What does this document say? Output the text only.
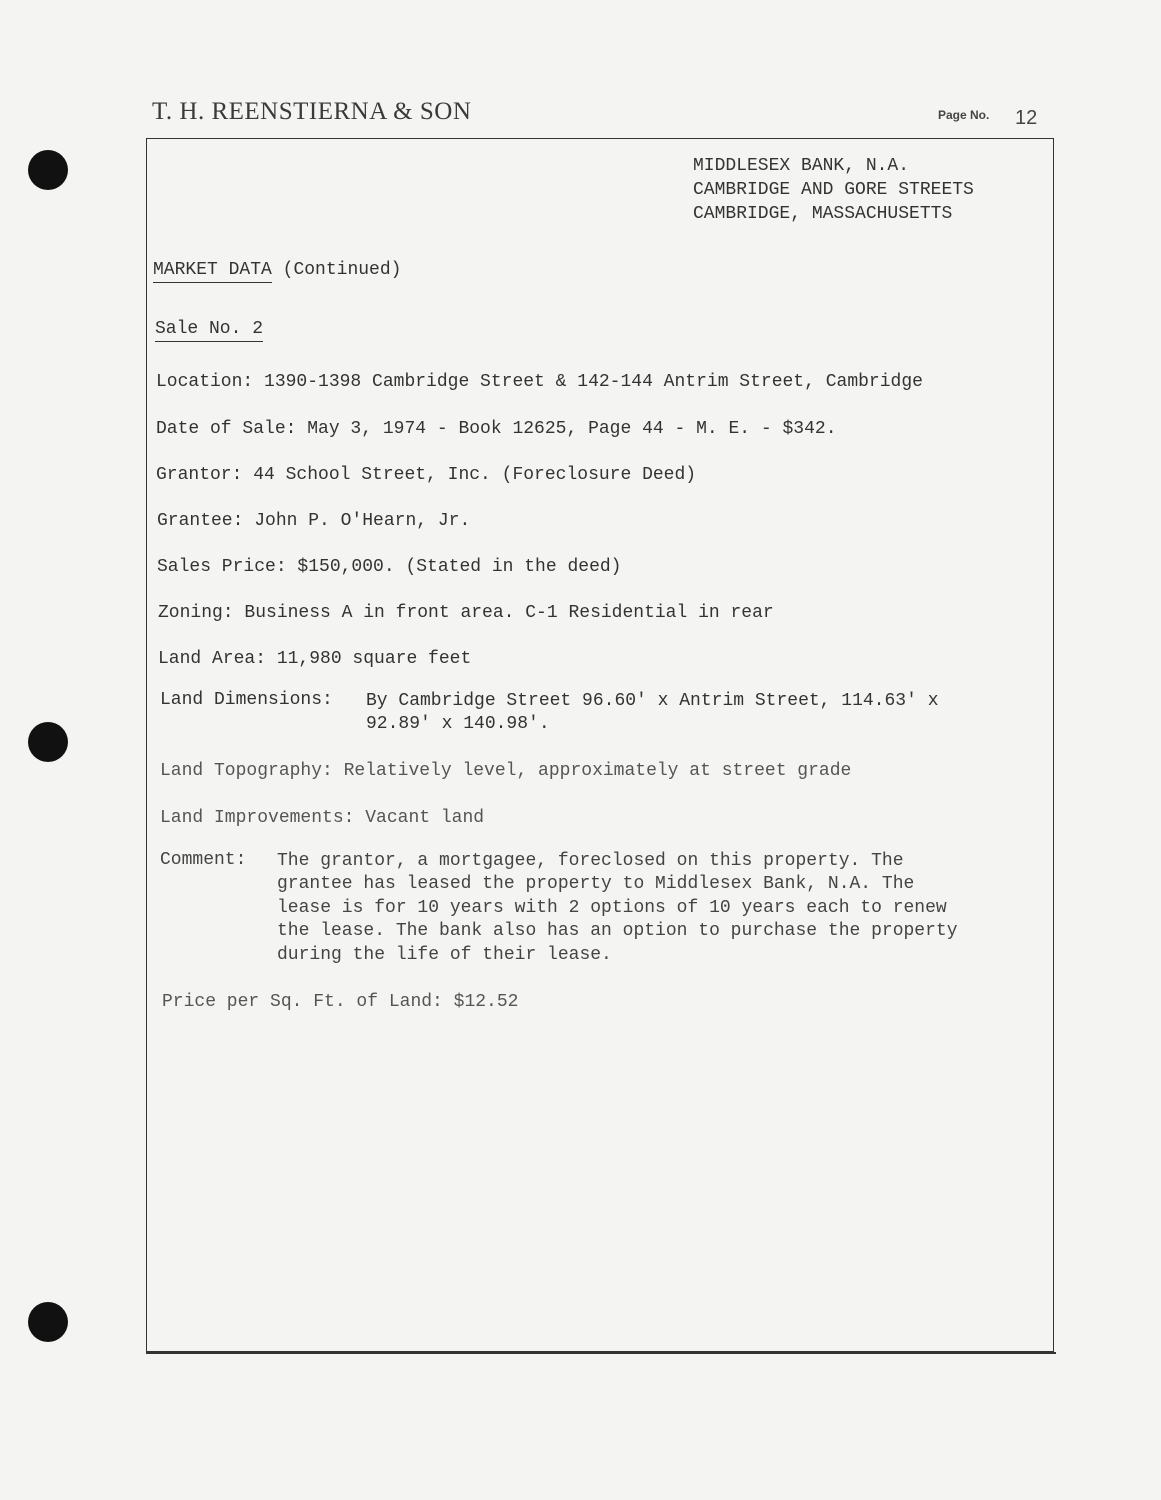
T. H. REENSTIERNA & SON	Page No. 12
MIDDLESEX BANK, N.A.
CAMBRIDGE AND GORE STREETS
CAMBRIDGE, MASSACHUSETTS
MARKET DATA (Continued)
Sale No. 2
Location: 1390-1398 Cambridge Street & 142-144 Antrim Street, Cambridge
Date of Sale: May 3, 1974 - Book 12625, Page 44 - M. E. - $342.
Grantor: 44 School Street, Inc. (Foreclosure Deed)
Grantee: John P. O'Hearn, Jr.
Sales Price: $150,000. (Stated in the deed)
Zoning: Business A in front area. C-1 Residential in rear
Land Area: 11,980 square feet
Land Dimensions: By Cambridge Street 96.60' x Antrim Street, 114.63' x
92.89' x 140.98'.
Land Topography: Relatively level, approximately at street grade
Land Improvements: Vacant land
Comment: The grantor, a mortgagee, foreclosed on this property. The
grantee has leased the property to Middlesex Bank, N.A. The
lease is for 10 years with 2 options of 10 years each to renew
the lease. The bank also has an option to purchase the property
during the life of their lease.
Price per Sq. Ft. of Land: $12.52
